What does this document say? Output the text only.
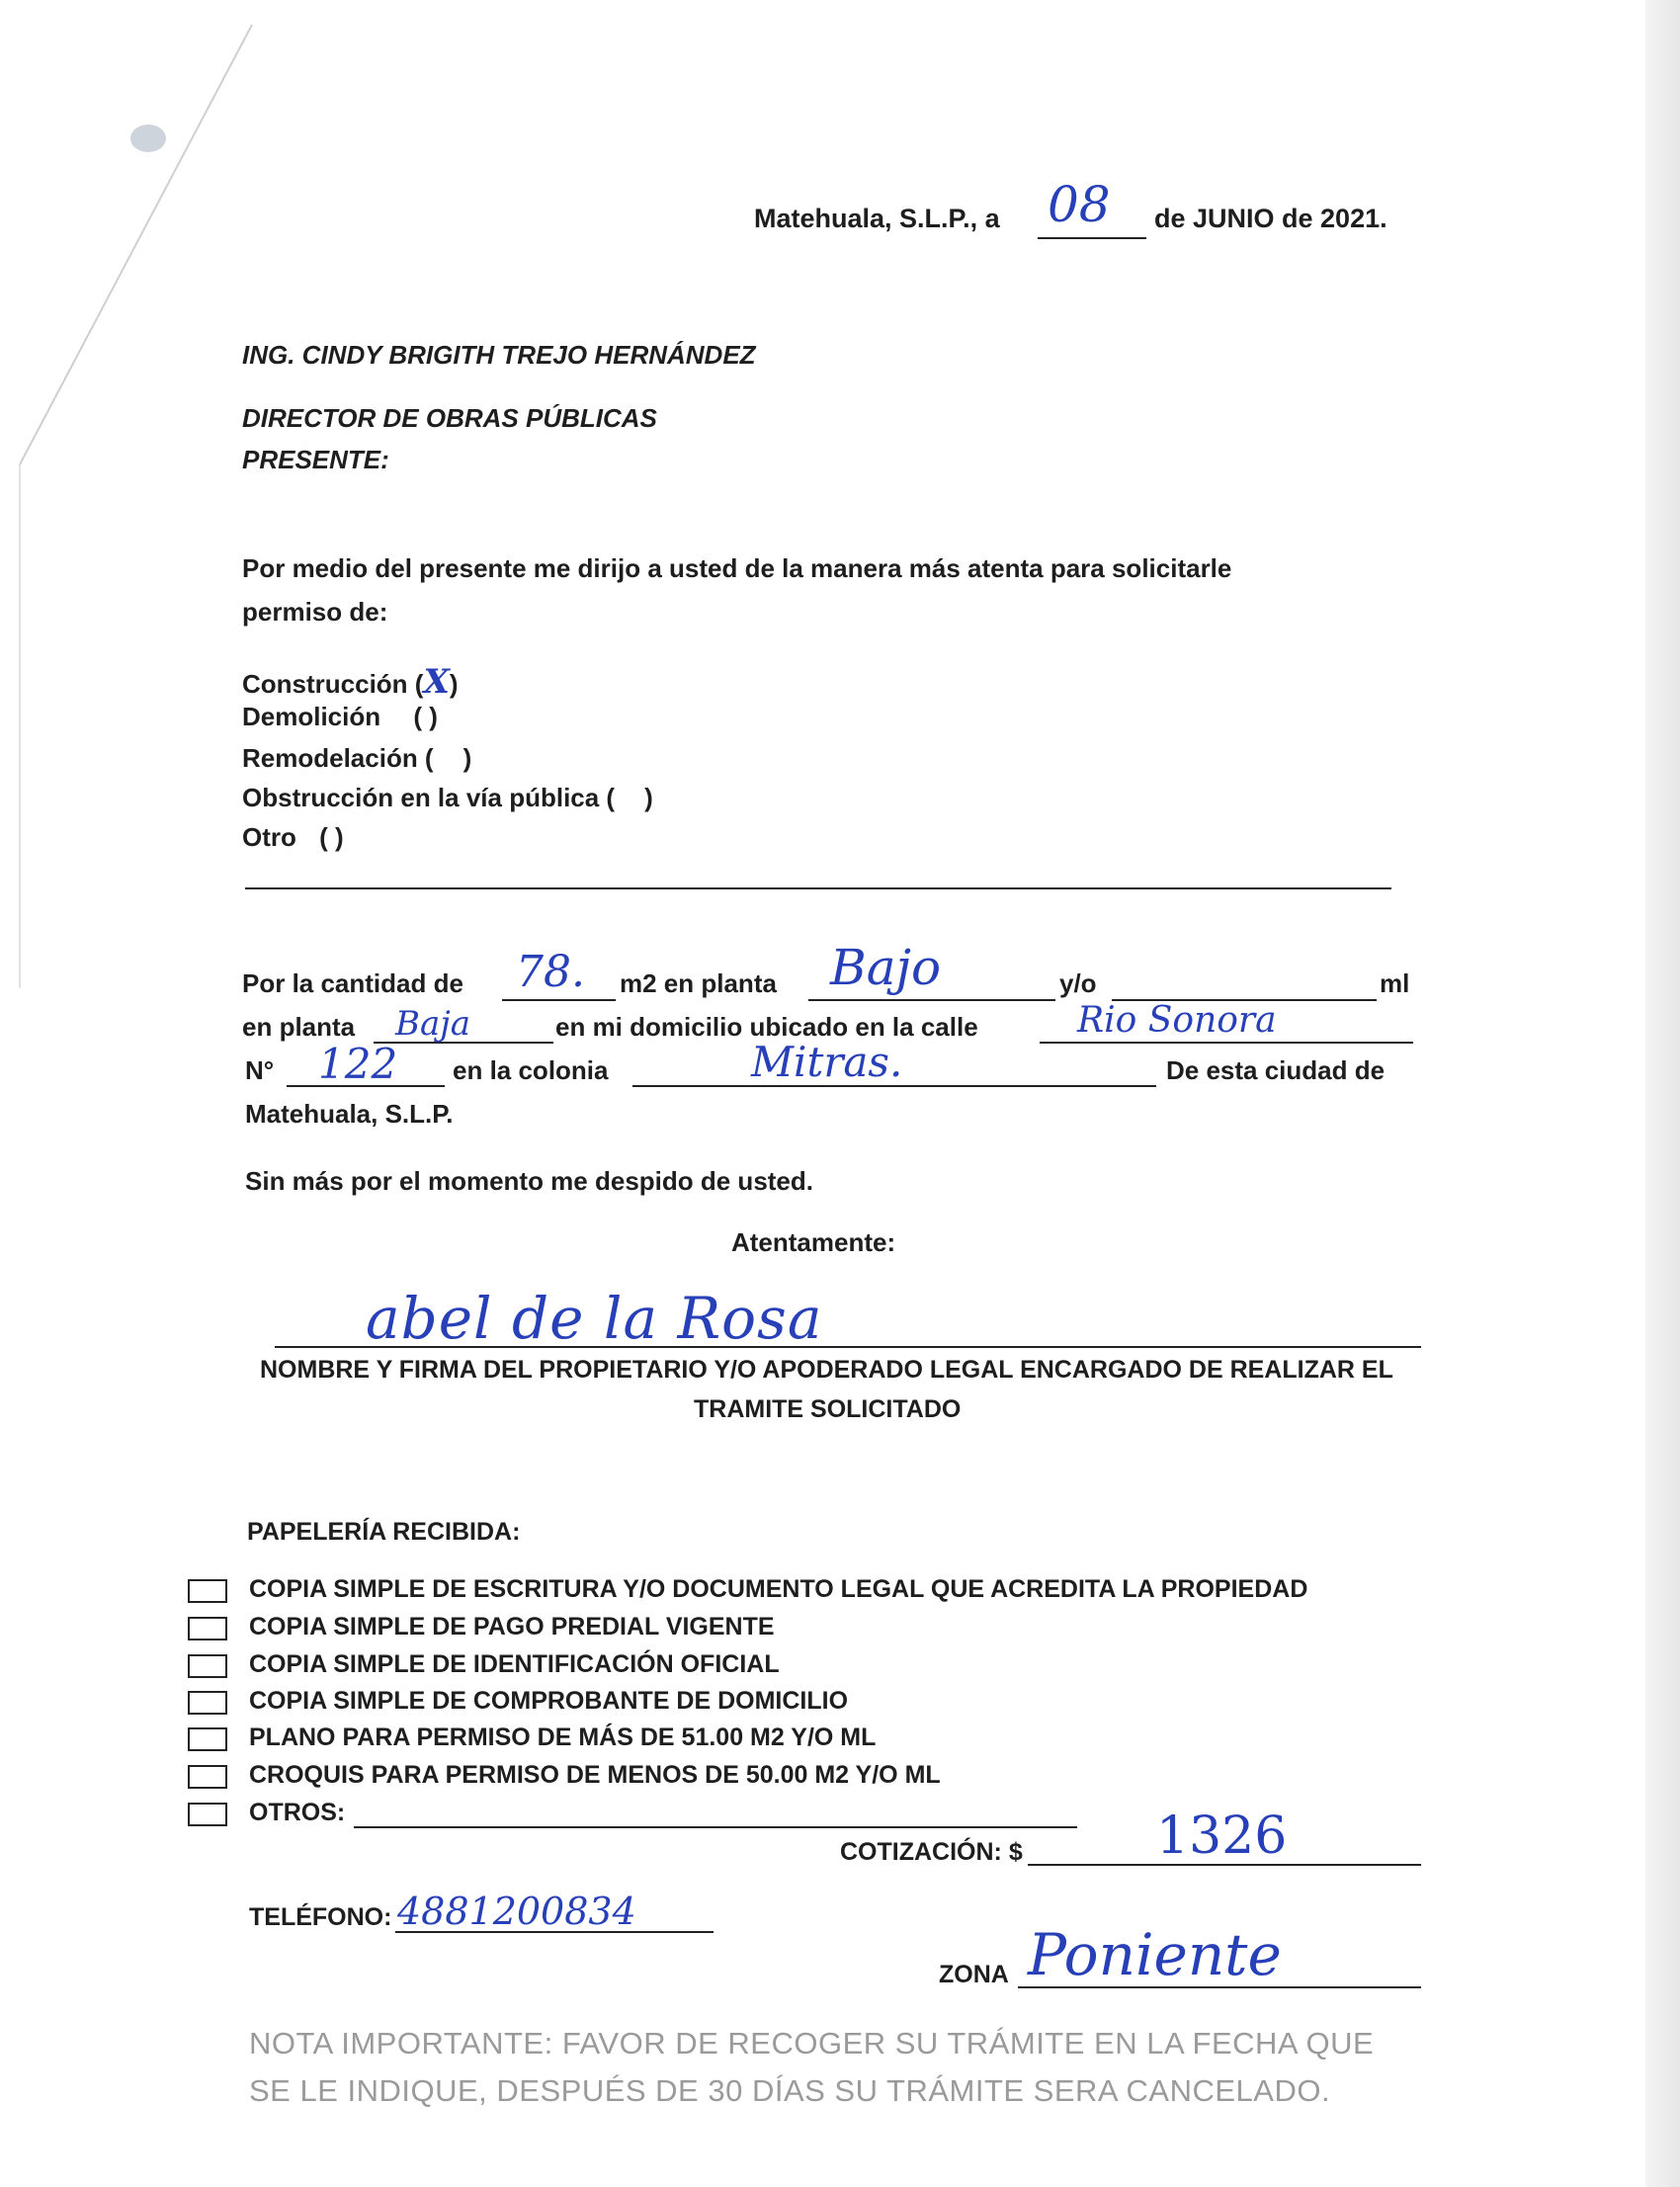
Matehuala, S.L.P., a 08 de JUNIO de 2021.
ING. CINDY BRIGITH TREJO HERNÁNDEZ
DIRECTOR DE OBRAS PÚBLICAS
PRESENTE:
Por medio del presente me dirijo a usted de la manera más atenta para solicitarle
permiso de:
Construcción (X)
Demolición ( )
Remodelación ( )
Obstrucción en la vía pública ( )
Otro ( )
Por la cantidad de 78. m2 en planta Bajo	y/o	ml
en planta Baja	en mi domicilio ubicado en la calle	Rio Sonora
N° 122 en la colonia	Mitras.	De esta ciudad de
Matehuala, S.L.P.
Sin más por el momento me despido de usted.
Atentamente:
abel de la Rosa
NOMBRE Y FIRMA DEL PROPIETARIO Y/O APODERADO LEGAL ENCARGADO DE REALIZAR EL
TRAMITE SOLICITADO
PAPELERÍA RECIBIDA:
COPIA SIMPLE DE ESCRITURA Y/O DOCUMENTO LEGAL QUE ACREDITA LA PROPIEDAD
COPIA SIMPLE DE PAGO PREDIAL VIGENTE
COPIA SIMPLE DE IDENTIFICACIÓN OFICIAL
COPIA SIMPLE DE COMPROBANTE DE DOMICILIO
PLANO PARA PERMISO DE MÁS DE 51.00 M2 Y/O ML
CROQUIS PARA PERMISO DE MENOS DE 50.00 M2 Y/O ML
OTROS:
COTIZACIÓN: $	1326
TELÉFONO: 4881200834
ZONA Poniente
NOTA IMPORTANTE: FAVOR DE RECOGER SU TRÁMITE EN LA FECHA QUE
SE LE INDIQUE, DESPUÉS DE 30 DÍAS SU TRÁMITE SERA CANCELADO.
